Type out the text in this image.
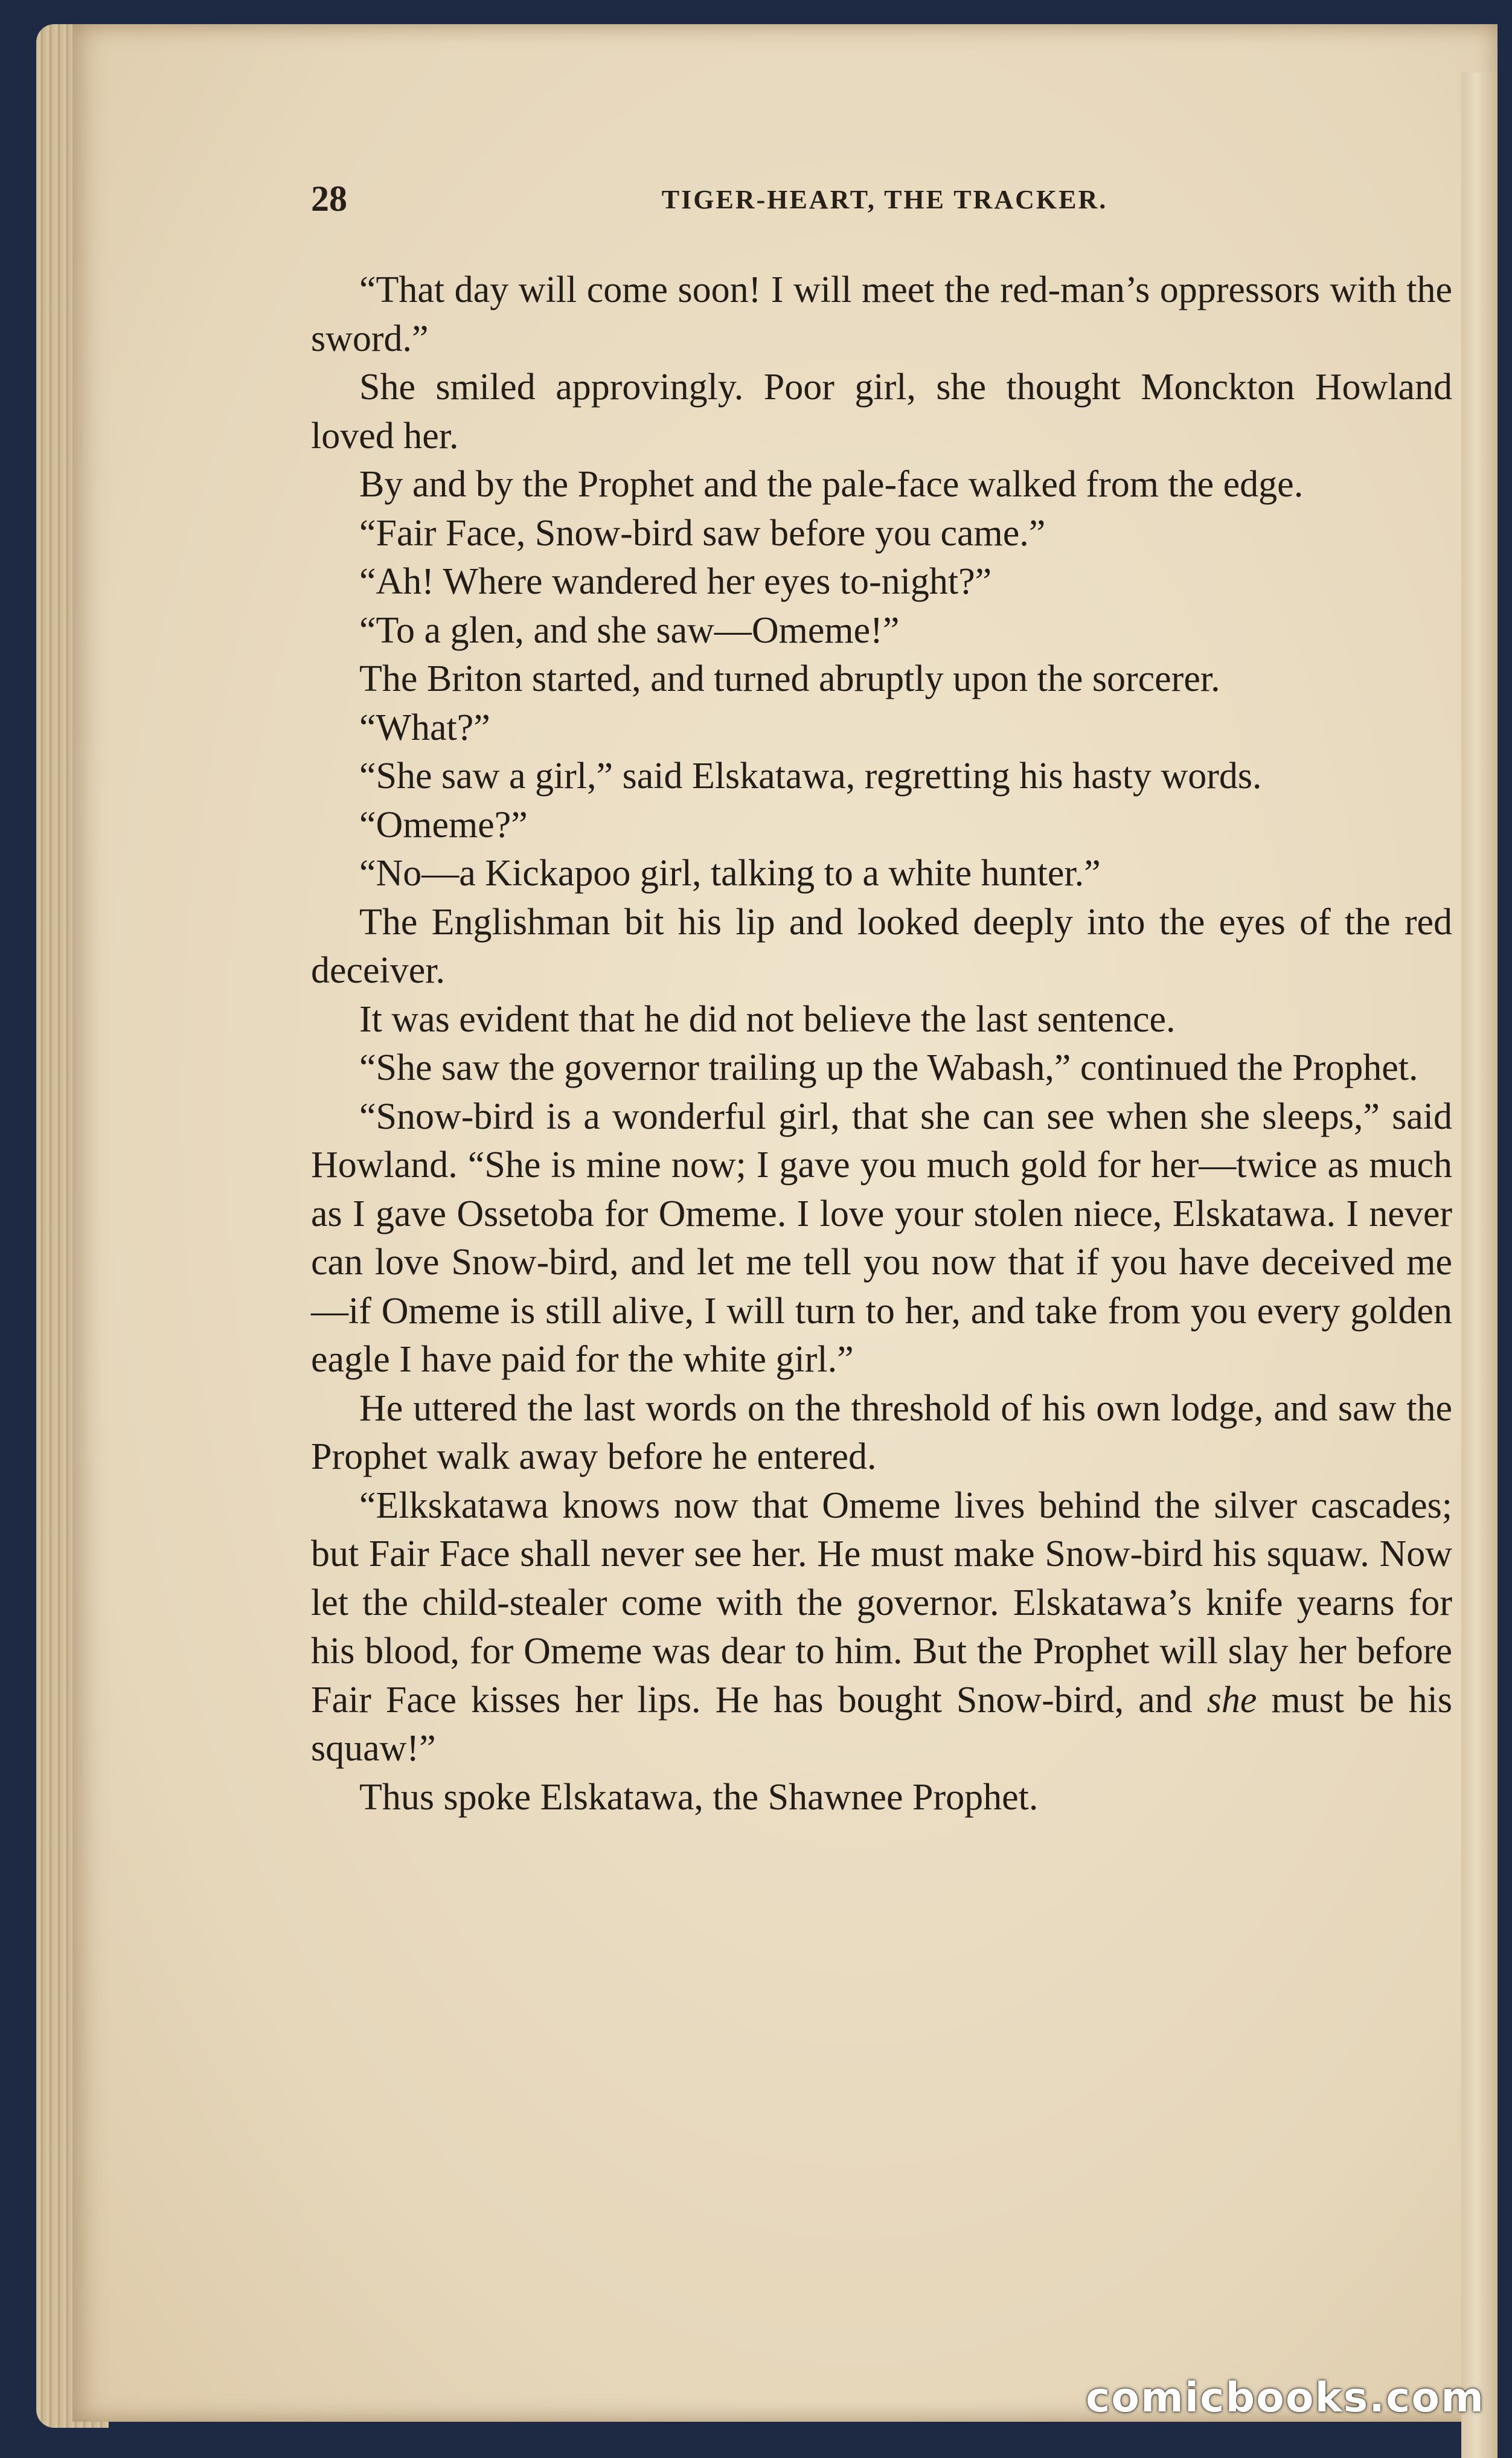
28	TIGER-HEART, THE TRACKER.

“That day will come soon! I will meet the red-man’s oppressors with the sword.”

She smiled approvingly. Poor girl, she thought Monckton Howland loved her.

By and by the Prophet and the pale-face walked from the edge.

“Fair Face, Snow-bird saw before you came.”

“Ah! Where wandered her eyes to-night?”

“To a glen, and she saw—Omeme!”

The Briton started, and turned abruptly upon the sorcerer.

“What?”

“She saw a girl,” said Elskatawa, regretting his hasty words.

“Omeme?”

“No—a Kickapoo girl, talking to a white hunter.”

The Englishman bit his lip and looked deeply into the eyes of the red deceiver.

It was evident that he did not believe the last sentence.

“She saw the governor trailing up the Wabash,” continued the Prophet.

“Snow-bird is a wonderful girl, that she can see when she sleeps,” said Howland. “She is mine now; I gave you much gold for her—twice as much as I gave Ossetoba for Omeme. I love your stolen niece, Elskatawa. I never can love Snow-bird, and let me tell you now that if you have deceived me—if Omeme is still alive, I will turn to her, and take from you every golden eagle I have paid for the white girl.”

He uttered the last words on the threshold of his own lodge, and saw the Prophet walk away before he entered.

“Elkskatawa knows now that Omeme lives behind the silver cascades; but Fair Face shall never see her. He must make Snow-bird his squaw. Now let the child-stealer come with the governor. Elskatawa’s knife yearns for his blood, for Omeme was dear to him. But the Prophet will slay her before Fair Face kisses her lips. He has bought Snow-bird, and she must be his squaw!”

Thus spoke Elskatawa, the Shawnee Prophet.

comicbooks.com
